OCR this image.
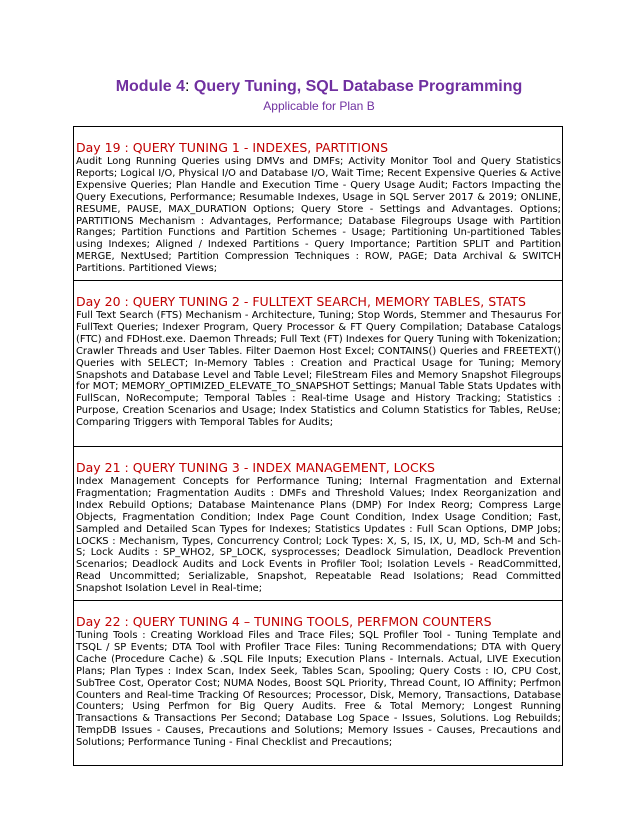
Module 4: Query Tuning, SQL Database Programming
Applicable for Plan B
Day 19 : QUERY TUNING 1 - INDEXES, PARTITIONS
Audit Long Running Queries using DMVs and DMFs; Activity Monitor Tool and Query Statistics Reports; Logical I/O, Physical I/O and Database I/O, Wait Time; Recent Expensive Queries & Active Expensive Queries; Plan Handle and Execution Time - Query Usage Audit; Factors Impacting the Query Executions, Performance; Resumable Indexes, Usage in SQL Server 2017 & 2019; ONLINE, RESUME, PAUSE, MAX_DURATION Options; Query Store - Settings and Advantages. Options; PARTITIONS Mechanism : Advantages, Performance; Database Filegroups Usage with Partition Ranges; Partition Functions and Partition Schemes - Usage; Partitioning Un-partitioned Tables using Indexes; Aligned / Indexed Partitions - Query Importance; Partition SPLIT and Partition MERGE, NextUsed; Partition Compression Techniques : ROW, PAGE; Data Archival & SWITCH Partitions. Partitioned Views;
Day 20 : QUERY TUNING 2 - FULLTEXT SEARCH, MEMORY TABLES, STATS
Full Text Search (FTS) Mechanism - Architecture, Tuning; Stop Words, Stemmer and Thesaurus For FullText Queries; Indexer Program, Query Processor & FT Query Compilation; Database Catalogs (FTC) and FDHost.exe. Daemon Threads; Full Text (FT) Indexes for Query Tuning with Tokenization; Crawler Threads and User Tables. Filter Daemon Host Excel; CONTAINS() Queries and FREETEXT() Queries with SELECT; In-Memory Tables : Creation and Practical Usage for Tuning; Memory Snapshots and Database Level and Table Level; FileStream Files and Memory Snapshot Filegroups for MOT; MEMORY_OPTIMIZED_ELEVATE_TO_SNAPSHOT Settings; Manual Table Stats Updates with FullScan, NoRecompute; Temporal Tables : Real-time Usage and History Tracking; Statistics : Purpose, Creation Scenarios and Usage; Index Statistics and Column Statistics for Tables, ReUse; Comparing Triggers with Temporal Tables for Audits;
Day 21 : QUERY TUNING 3 - INDEX MANAGEMENT, LOCKS
Index Management Concepts for Performance Tuning; Internal Fragmentation and External Fragmentation; Fragmentation Audits : DMFs and Threshold Values; Index Reorganization and Index Rebuild Options; Database Maintenance Plans (DMP) For Index Reorg; Compress Large Objects, Fragmentation Condition; Index Page Count Condition, Index Usage Condition; Fast, Sampled and Detailed Scan Types for Indexes; Statistics Updates : Full Scan Options, DMP Jobs; LOCKS : Mechanism, Types, Concurrency Control; Lock Types: X, S, IS, IX, U, MD, Sch-M and Sch-S; Lock Audits : SP_WHO2, SP_LOCK, sysprocesses; Deadlock Simulation, Deadlock Prevention Scenarios; Deadlock Audits and Lock Events in Profiler Tool; Isolation Levels - ReadCommitted, Read Uncommitted; Serializable, Snapshot, Repeatable Read Isolations; Read Committed Snapshot Isolation Level in Real-time;
Day 22 : QUERY TUNING 4 – TUNING TOOLS, PERFMON COUNTERS
Tuning Tools : Creating Workload Files and Trace Files; SQL Profiler Tool - Tuning Template and TSQL / SP Events; DTA Tool with Profiler Trace Files: Tuning Recommendations; DTA with Query Cache (Procedure Cache) & .SQL File Inputs; Execution Plans - Internals. Actual, LIVE Execution Plans; Plan Types : Index Scan, Index Seek, Tables Scan, Spooling; Query Costs : IO, CPU Cost, SubTree Cost, Operator Cost; NUMA Nodes, Boost SQL Priority, Thread Count, IO Affinity; Perfmon Counters and Real-time Tracking Of Resources; Processor, Disk, Memory, Transactions, Database Counters; Using Perfmon for Big Query Audits. Free & Total Memory; Longest Running Transactions & Transactions Per Second; Database Log Space - Issues, Solutions. Log Rebuilds; TempDB Issues - Causes, Precautions and Solutions; Memory Issues - Causes, Precautions and Solutions; Performance Tuning - Final Checklist and Precautions;
